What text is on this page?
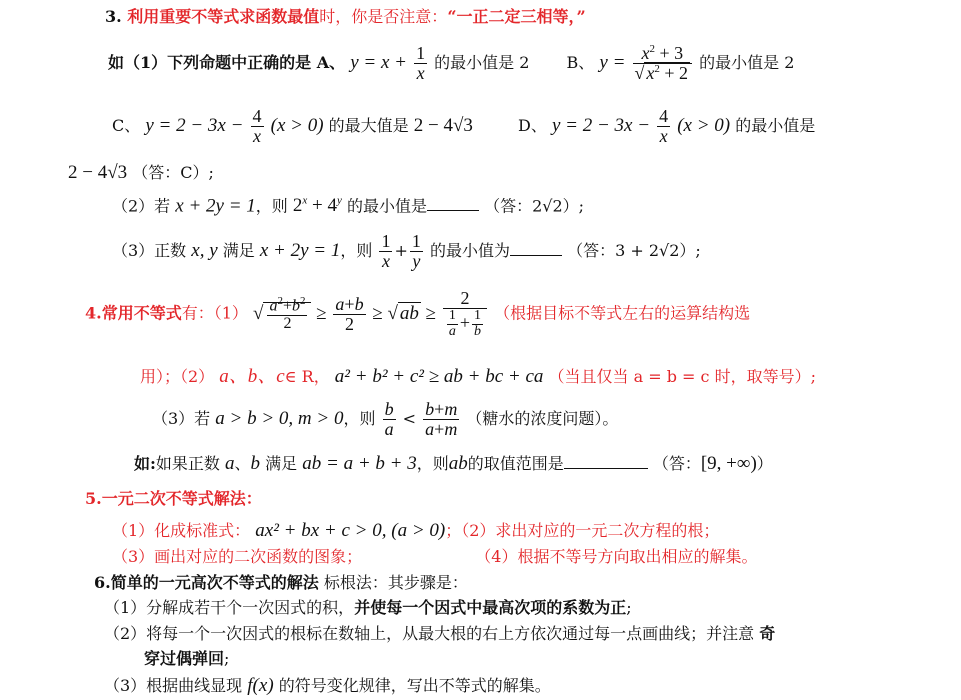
3. 利用重要不等式求函数最值时，你是否注意：“一正二定三相等，”
如（1）下列命题中正确的是 A、 $y = x + \frac{1}{x}$ 的最小值是 2 B、 $y = \frac{x^2 + 3}{√ x^2 + 2}$ 的最小值是 2
C、 $y = 2 - 3x - \frac{4}{x} (x > 0)$ 的最大值是 2 − 4√3	D、 $y = 2 - 3x - \frac{4}{x} (x > 0)$ 的最小值是
2 − 4√3 （答：C）;
（2）若 x + 2y = 1，则 $2^x + 4^y$ 的最小值是	（答：2√2）;
（3）正数 x, y 满足 x + 2y = 1，则 $\frac{1}{x} + \frac{1}{y}$ 的最小值为	（答：3 + 2√2）;
4.常用不等式有：（1） √ $\frac{a^2+b^2}{2} \ge \frac{a+b}{2}$ ≥ √ ab ≥ $\frac{2}{\frac{1}{a} + \frac{1}{b}}$ （根据目标不等式左右的运算结构选
用）；（2） a、b、c∈ R， a² + b² + c² ≥ ab + bc + ca （当且仅当 a = b = c 时，取等号）;
（3）若 a > b > 0, m > 0，则 $\frac{b}{a} < \frac{b+m}{a+m}$ （糖水的浓度问题）。
如:如果正数 a、b 满足 ab = a + b + 3，则ab的取值范围是	（答：[9, +∞)）
5.一元二次不等式解法：
（1）化成标准式： ax² + bx + c > 0, (a > 0)；（2）求出对应的一元二次方程的根；
（3）画出对应的二次函数的图象；	（4）根据不等号方向取出相应的解集。
6.简单的一元高次不等式的解法 标根法：其步骤是：
（1）分解成若干个一次因式的积，并使每一个因式中最高次项的系数为正;
（2）将每一个一次因式的根标在数轴上，从最大根的右上方依次通过每一点画曲线；并注意 奇
穿过偶弹回;
（3）根据曲线显现 f(x) 的符号变化规律，写出不等式的解集。
